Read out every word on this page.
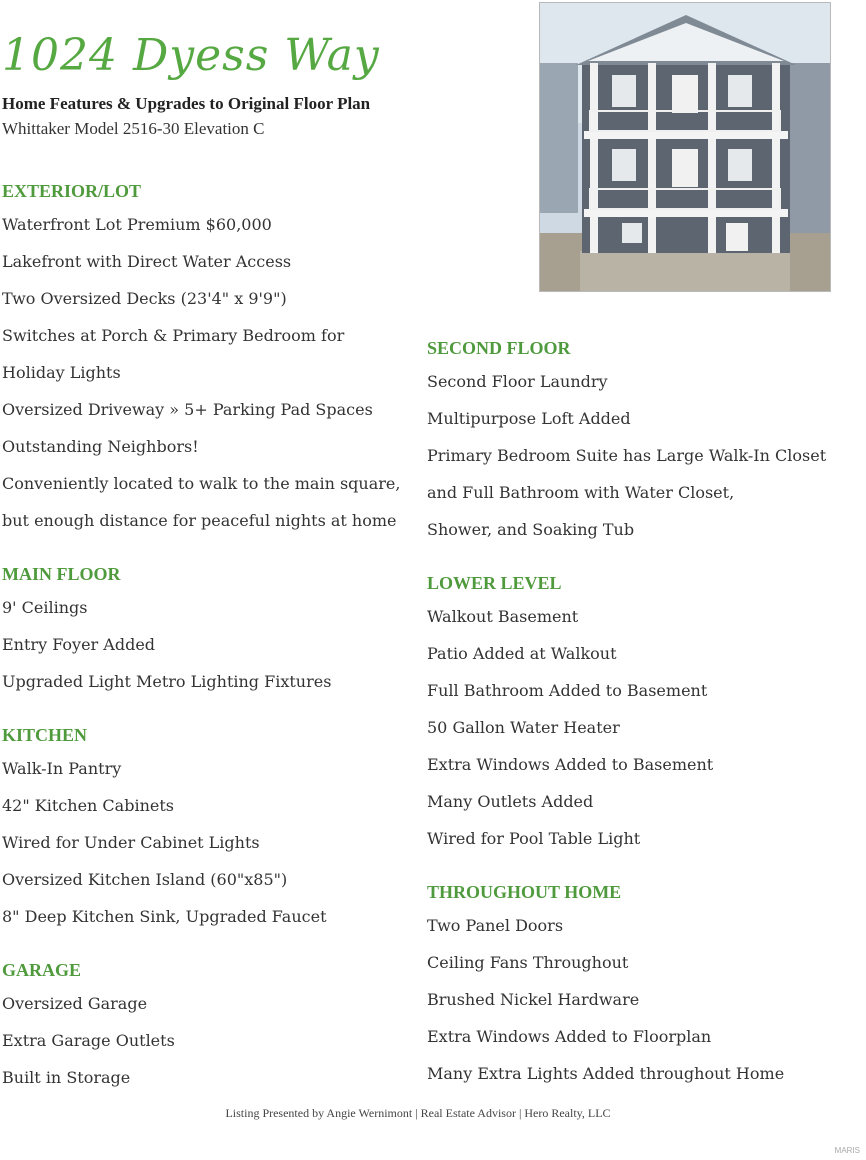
1024 Dyess Way
Home Features & Upgrades to Original Floor Plan
Whittaker Model 2516-30 Elevation C
EXTERIOR/LOT
Waterfront Lot Premium $60,000
Lakefront with Direct Water Access
Two Oversized Decks (23'4" x 9'9")
Switches at Porch & Primary Bedroom for
Holiday Lights
Oversized Driveway » 5+ Parking Pad Spaces
Outstanding Neighbors!
Conveniently located to walk to the main square,
but enough distance for peaceful nights at home
MAIN FLOOR
9' Ceilings
Entry Foyer Added
Upgraded Light Metro Lighting Fixtures
KITCHEN
Walk-In Pantry
42" Kitchen Cabinets
Wired for Under Cabinet Lights
Oversized Kitchen Island (60"x85")
8" Deep Kitchen Sink, Upgraded Faucet
GARAGE
Oversized Garage
Extra Garage Outlets
Built in Storage
SECOND FLOOR
Second Floor Laundry
Multipurpose Loft Added
Primary Bedroom Suite has Large Walk-In Closet
and Full Bathroom with Water Closet,
Shower, and Soaking Tub
LOWER LEVEL
Walkout Basement
Patio Added at Walkout
Full Bathroom Added to Basement
50 Gallon Water Heater
Extra Windows Added to Basement
Many Outlets Added
Wired for Pool Table Light
THROUGHOUT HOME
Two Panel Doors
Ceiling Fans Throughout
Brushed Nickel Hardware
Extra Windows Added to Floorplan
Many Extra Lights Added throughout Home
Listing Presented by Angie Wernimont | Real Estate Advisor | Hero Realty, LLC
MARIS
